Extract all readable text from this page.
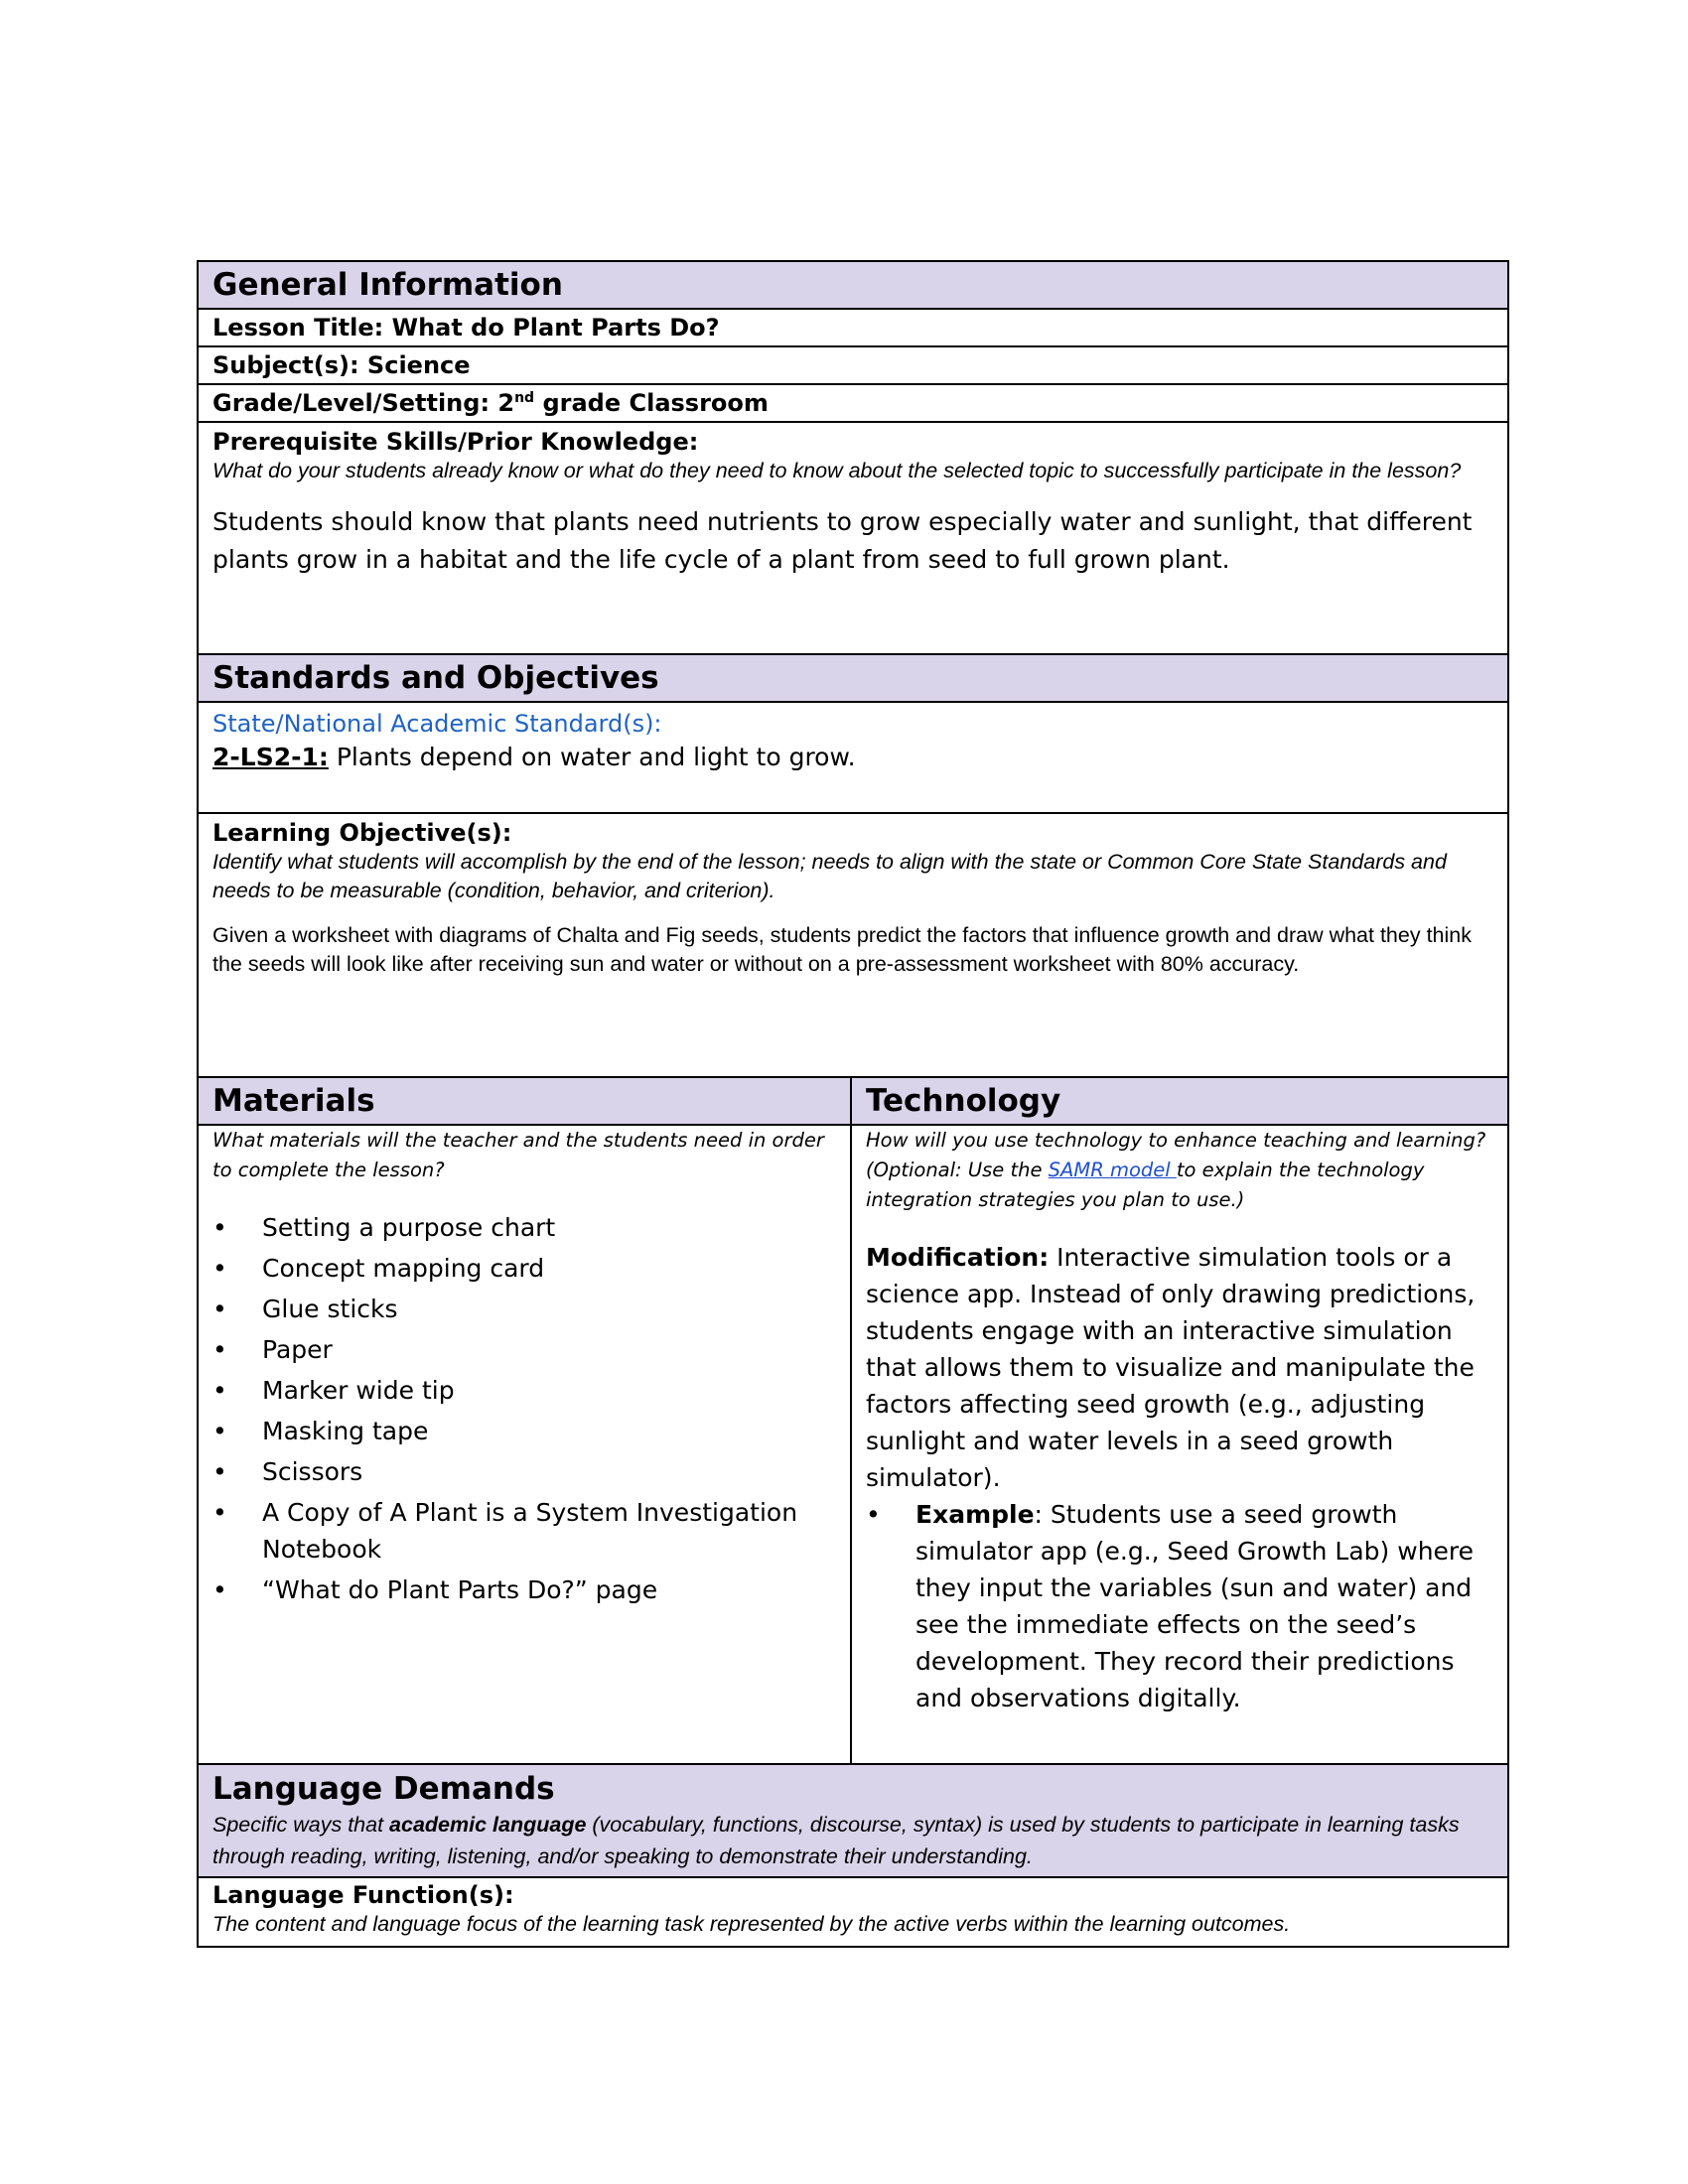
General Information
Lesson Title: What do Plant Parts Do?
Subject(s): Science
Grade/Level/Setting: 2nd grade Classroom
Prerequisite Skills/Prior Knowledge:
What do your students already know or what do they need to know about the selected topic to successfully participate in the lesson?
Students should know that plants need nutrients to grow especially water and sunlight, that different plants grow in a habitat and the life cycle of a plant from seed to full grown plant.
Standards and Objectives
State/National Academic Standard(s):
2-LS2-1: Plants depend on water and light to grow.
Learning Objective(s):
Identify what students will accomplish by the end of the lesson; needs to align with the state or Common Core State Standards and needs to be measurable (condition, behavior, and criterion).
Given a worksheet with diagrams of Chalta and Fig seeds, students predict the factors that influence growth and draw what they think the seeds will look like after receiving sun and water or without on a pre-assessment worksheet with 80% accuracy.
Materials	Technology
What materials will the teacher and the students need in order to complete the lesson?
• Setting a purpose chart
• Concept mapping card
• Glue sticks
• Paper
• Marker wide tip
• Masking tape
• Scissors
• A Copy of A Plant is a System Investigation Notebook
• “What do Plant Parts Do?” page
How will you use technology to enhance teaching and learning? (Optional: Use the SAMR model to explain the technology integration strategies you plan to use.)
Modification: Interactive simulation tools or a science app. Instead of only drawing predictions, students engage with an interactive simulation that allows them to visualize and manipulate the factors affecting seed growth (e.g., adjusting sunlight and water levels in a seed growth simulator).
• Example: Students use a seed growth simulator app (e.g., Seed Growth Lab) where they input the variables (sun and water) and see the immediate effects on the seed’s development. They record their predictions and observations digitally.
Language Demands
Specific ways that academic language (vocabulary, functions, discourse, syntax) is used by students to participate in learning tasks through reading, writing, listening, and/or speaking to demonstrate their understanding.
Language Function(s):
The content and language focus of the learning task represented by the active verbs within the learning outcomes.
